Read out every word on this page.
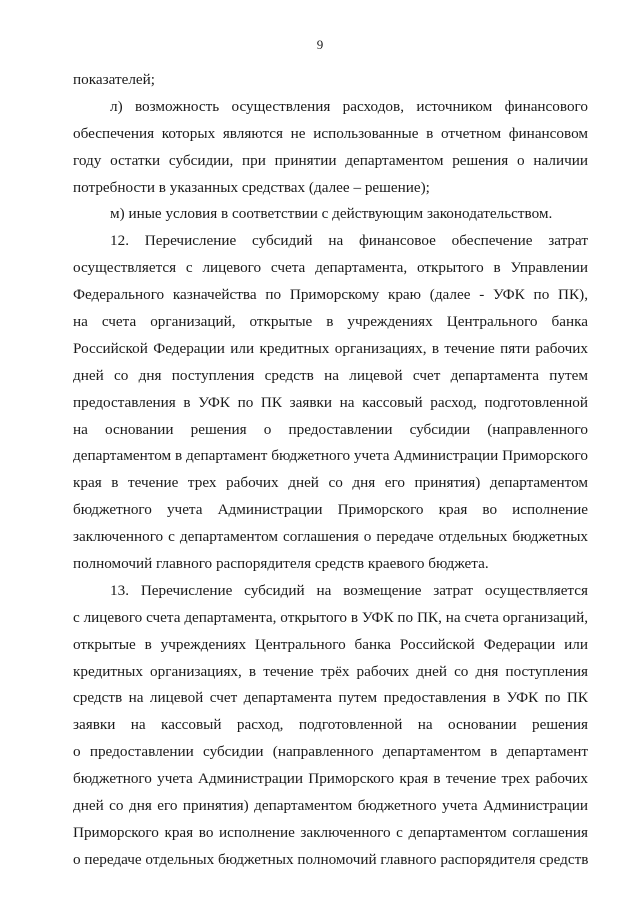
9
показателей;
л) возможность осуществления расходов, источником финансового
обеспечения которых являются не использованные в отчетном финансовом
году остатки субсидии, при принятии департаментом решения о наличии
потребности в указанных средствах (далее – решение);
м) иные условия в соответствии с действующим законодательством.
12. Перечисление субсидий на финансовое обеспечение затрат
осуществляется с лицевого счета департамента, открытого в Управлении
Федерального казначейства по Приморскому краю (далее - УФК по ПК),
на счета организаций, открытые в учреждениях Центрального банка
Российской Федерации или кредитных организациях, в течение пяти рабочих
дней со дня поступления средств на лицевой счет департамента путем
предоставления в УФК по ПК заявки на кассовый расход, подготовленной
на основании решения о предоставлении субсидии (направленного
департаментом в департамент бюджетного учета Администрации Приморского
края в течение трех рабочих дней со дня его принятия) департаментом
бюджетного учета Администрации Приморского края во исполнение
заключенного с департаментом соглашения о передаче отдельных бюджетных
полномочий главного распорядителя средств краевого бюджета.
13. Перечисление субсидий на возмещение затрат осуществляется
с лицевого счета департамента, открытого в УФК по ПК, на счета организаций,
открытые в учреждениях Центрального банка Российской Федерации или
кредитных организациях, в течение трёх рабочих дней со дня поступления
средств на лицевой счет департамента путем предоставления в УФК по ПК
заявки на кассовый расход, подготовленной на основании решения
о предоставлении субсидии (направленного департаментом в департамент
бюджетного учета Администрации Приморского края в течение трех рабочих
дней со дня его принятия) департаментом бюджетного учета Администрации
Приморского края во исполнение заключенного с департаментом соглашения
о передаче отдельных бюджетных полномочий главного распорядителя средств
